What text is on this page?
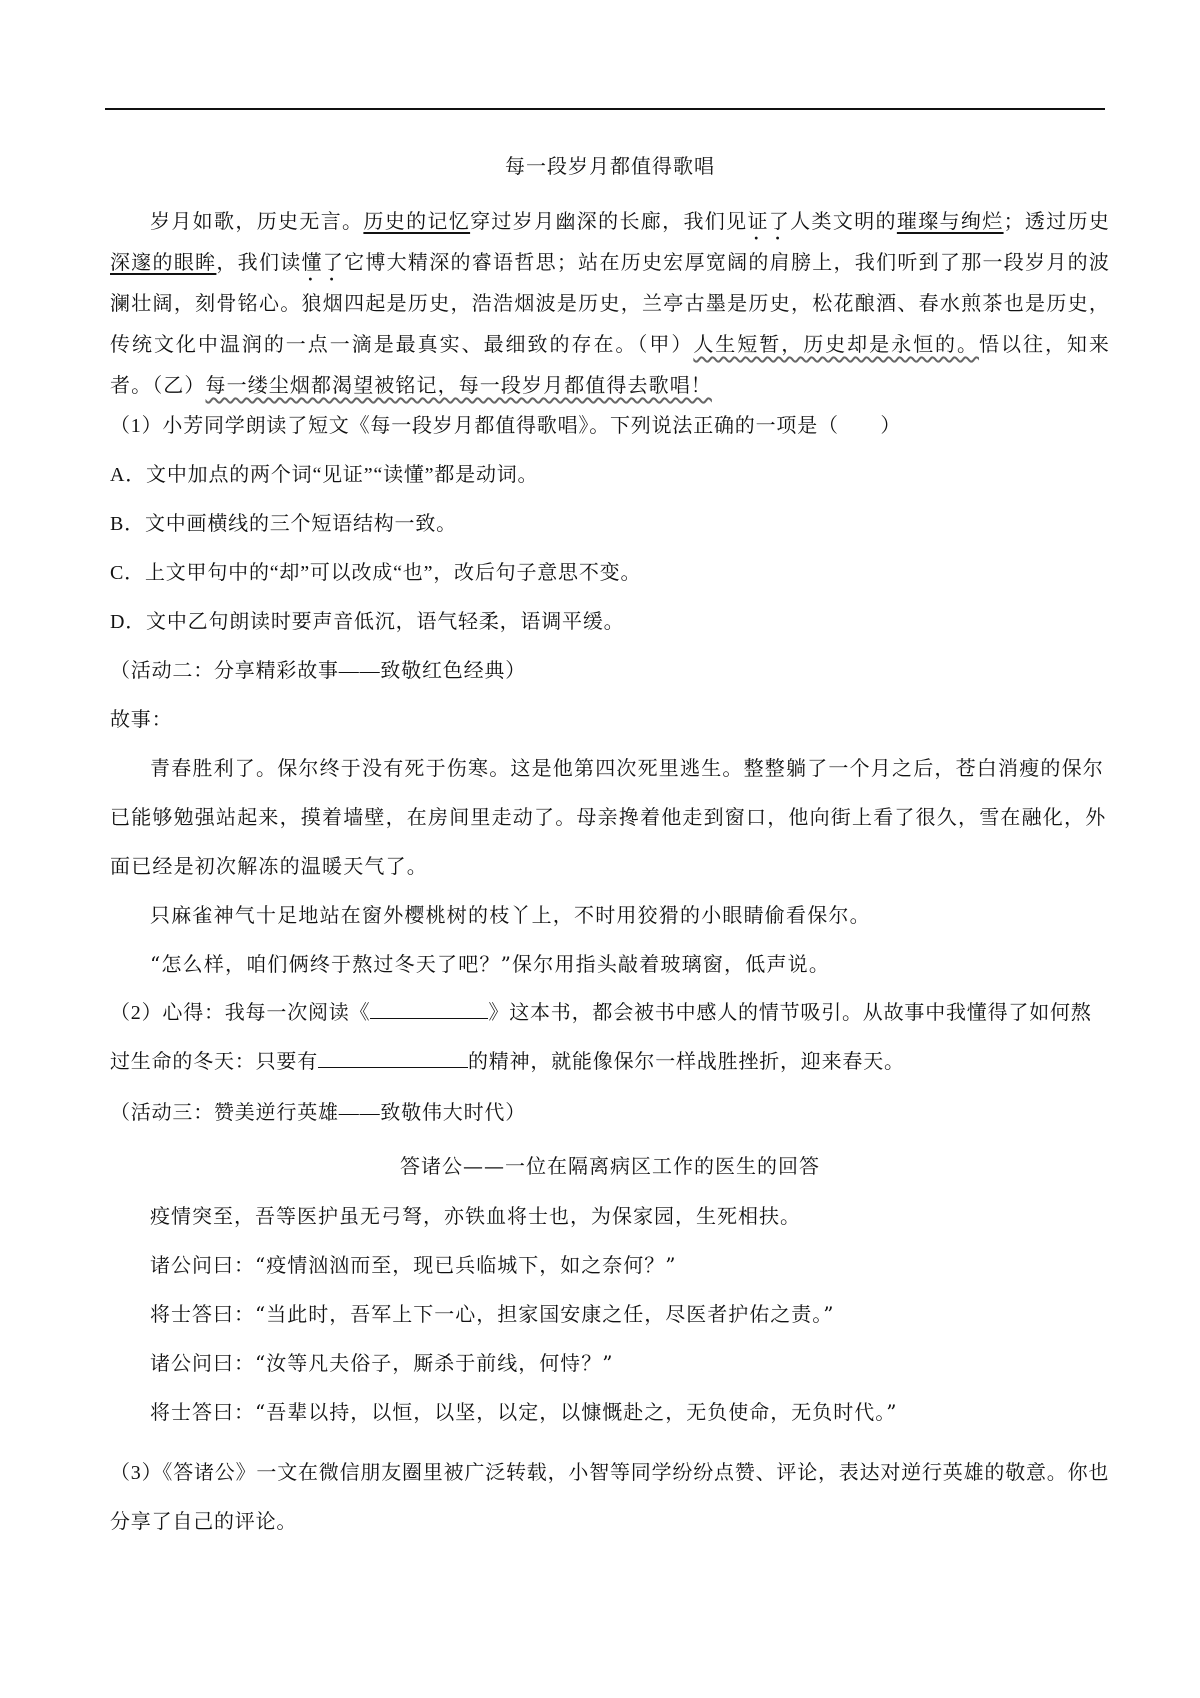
每一段岁月都值得歌唱

岁月如歌，历史无言。历史的记忆穿过岁月幽深的长廊，我们见证了人类文明的璀璨与绚烂；透过历史深邃的眼眸，我们读懂了它博大精深的睿语哲思；站在历史宏厚宽阔的肩膀上，我们听到了那一段岁月的波澜壮阔，刻骨铭心。狼烟四起是历史，浩浩烟波是历史，兰亭古墨是历史，松花酿酒、春水煎茶也是历史，传统文化中温润的一点一滴是最真实、最细致的存在。（甲）人生短暂，历史却是永恒的。悟以往，知来者。（乙）每一缕尘烟都渴望被铭记，每一段岁月都值得去歌唱！

（1）小芳同学朗读了短文《每一段岁月都值得歌唱》。下列说法正确的一项是（　　）

A．文中加点的两个词“见证”“读懂”都是动词。

B．文中画横线的三个短语结构一致。

C．上文甲句中的“却”可以改成“也”，改后句子意思不变。

D．文中乙句朗读时要声音低沉，语气轻柔，语调平缓。

（活动二：分享精彩故事——致敬红色经典）

故事：

青春胜利了。保尔终于没有死于伤寒。这是他第四次死里逃生。整整躺了一个月之后，苍白消瘦的保尔已能够勉强站起来，摸着墙壁，在房间里走动了。母亲搀着他走到窗口，他向街上看了很久，雪在融化，外面已经是初次解冻的温暖天气了。

只麻雀神气十足地站在窗外樱桃树的枝丫上，不时用狡猾的小眼睛偷看保尔。

“怎么样，咱们俩终于熬过冬天了吧？”保尔用指头敲着玻璃窗，低声说。

（2）心得：我每一次阅读《	》这本书，都会被书中感人的情节吸引。从故事中我懂得了如何熬过生命的冬天：只要有	的精神，就能像保尔一样战胜挫折，迎来春天。

（活动三：赞美逆行英雄——致敬伟大时代）

答诸公——一位在隔离病区工作的医生的回答

疫情突至，吾等医护虽无弓弩，亦铁血将士也，为保家园，生死相扶。

诸公问曰：“疫情汹汹而至，现已兵临城下，如之奈何？”

将士答曰：“当此时，吾军上下一心，担家国安康之任，尽医者护佑之责。”

诸公问曰：“汝等凡夫俗子，厮杀于前线，何恃？”

将士答曰：“吾辈以持，以恒，以坚，以定，以慷慨赴之，无负使命，无负时代。”

（3）《答诸公》一文在微信朋友圈里被广泛转载，小智等同学纷纷点赞、评论，表达对逆行英雄的敬意。你也分享了自己的评论。
